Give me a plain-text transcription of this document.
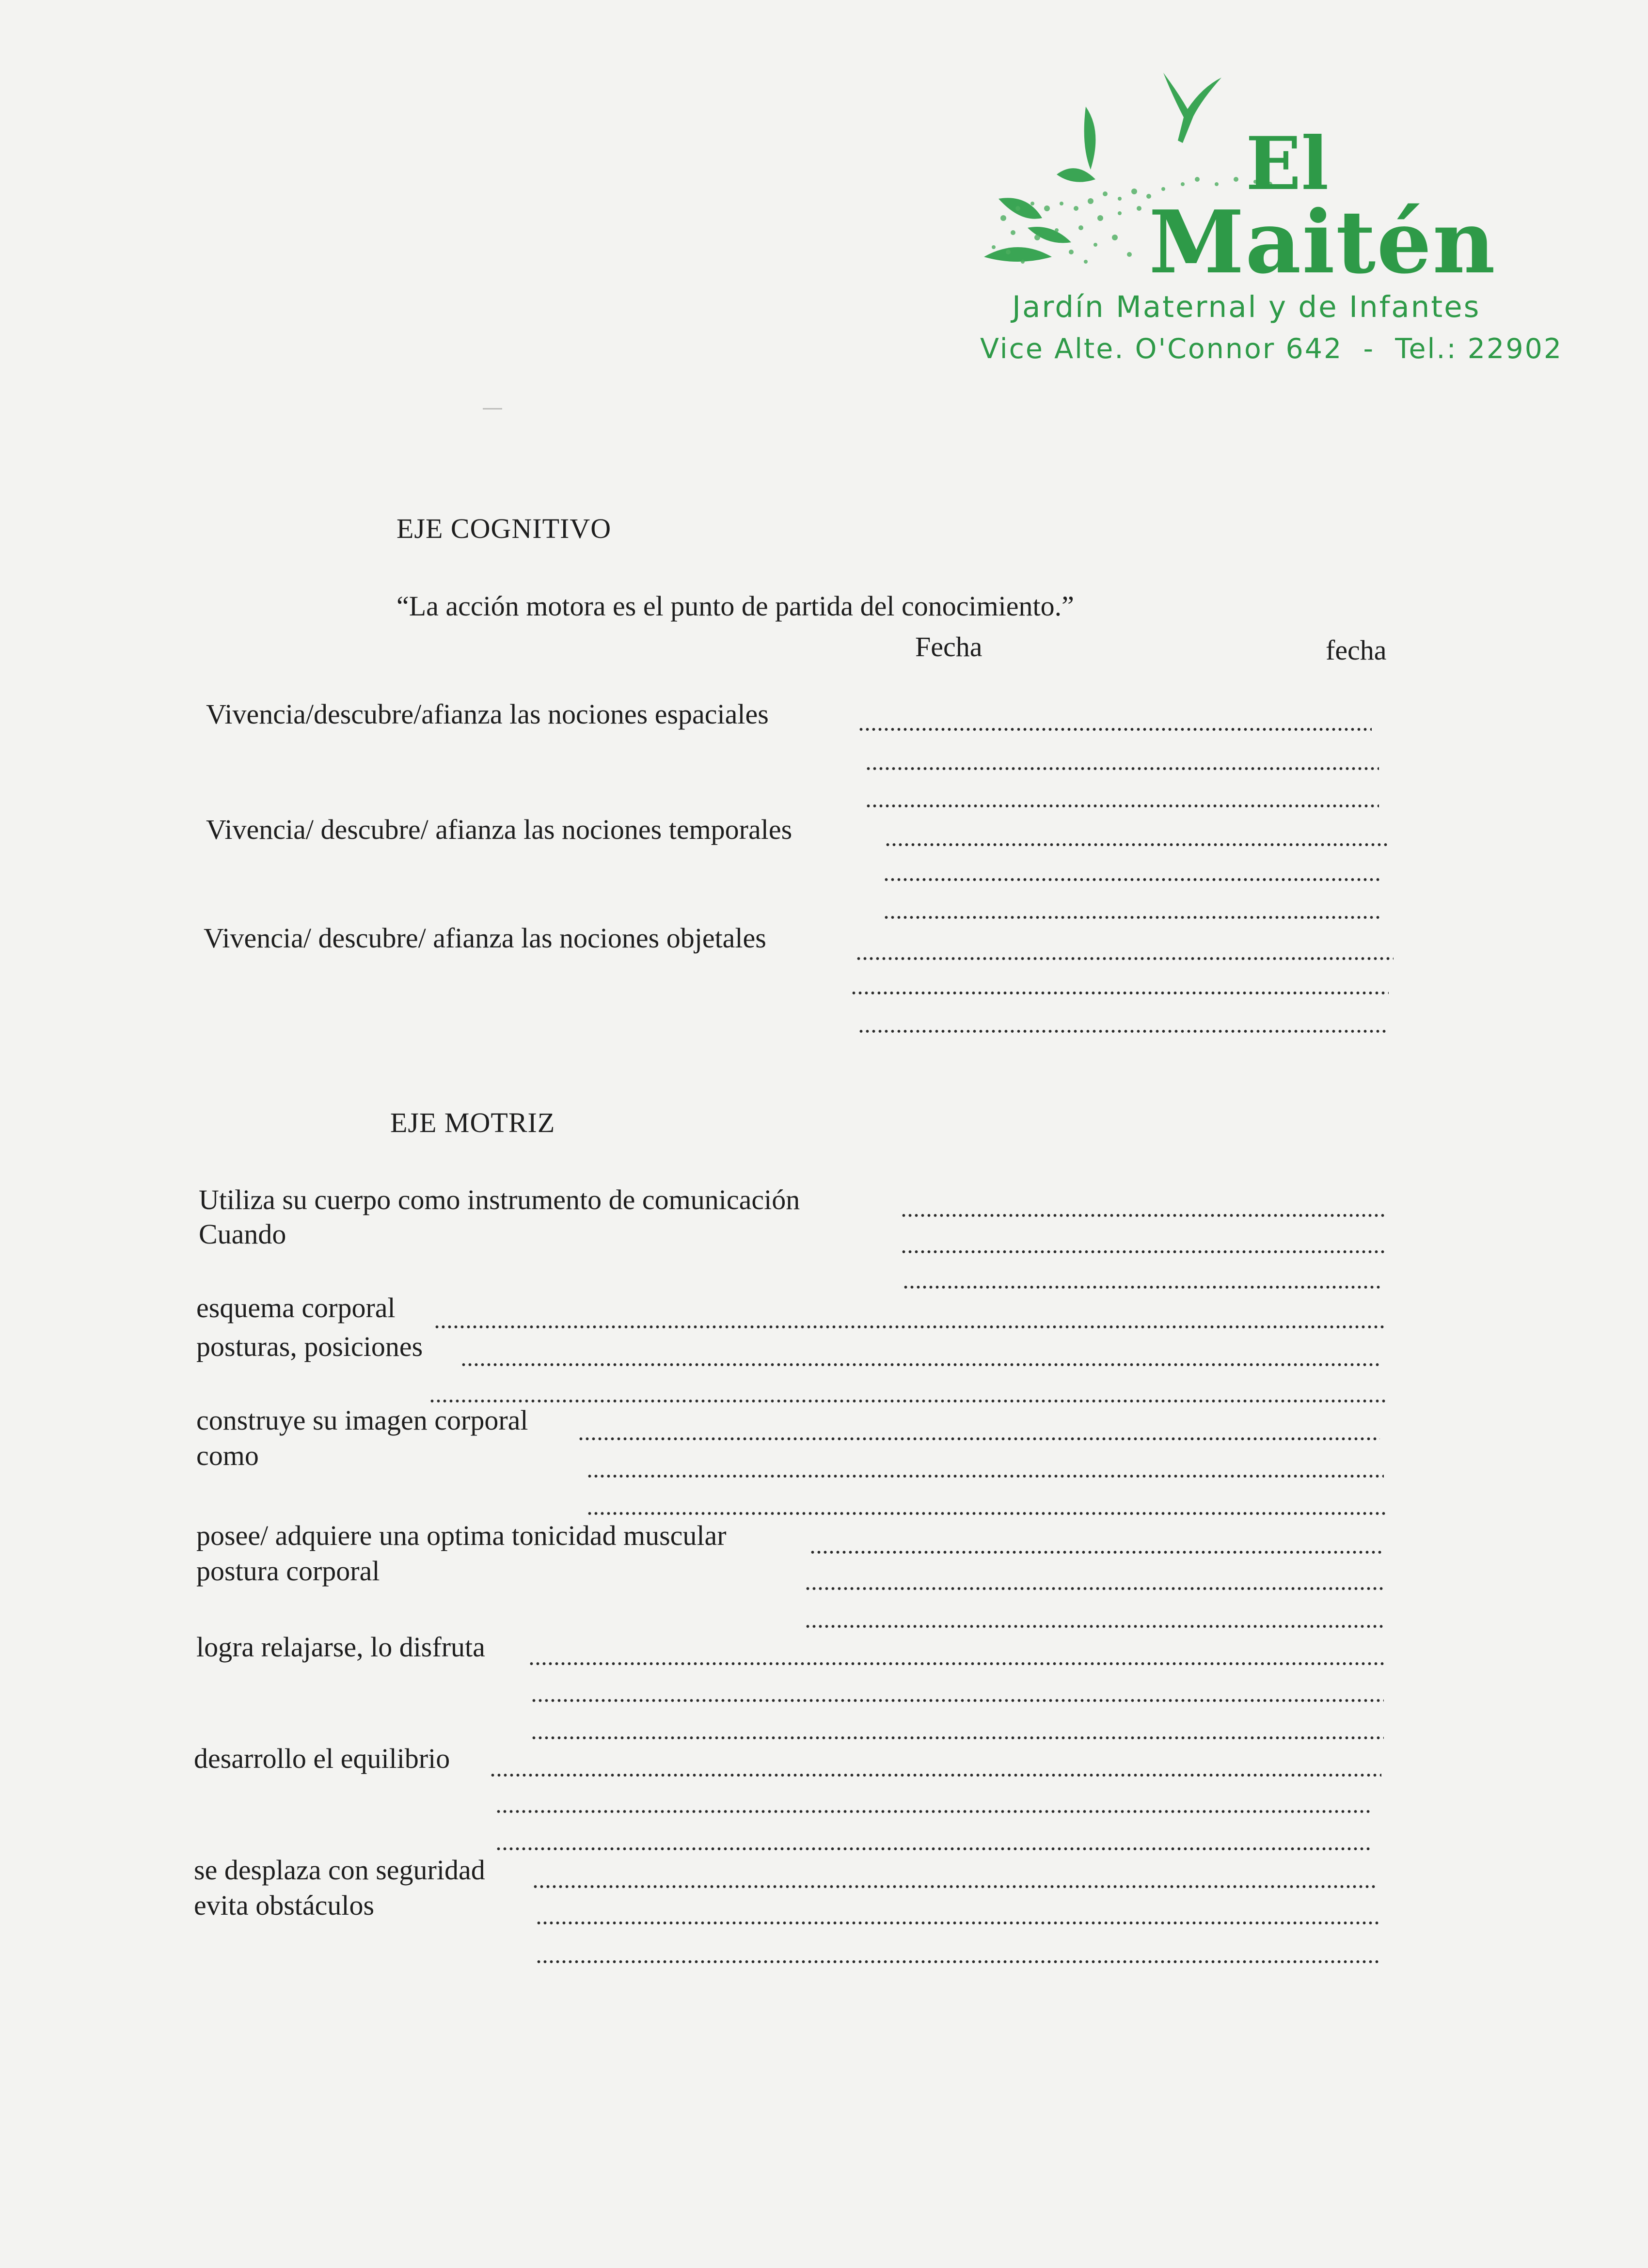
El
Maitén
Jardín Maternal y de Infantes
Vice Alte. O'Connor 642  -  Tel.: 22902
EJE COGNITIVO
“La acción motora es el punto de partida del conocimiento.”
Fecha	fecha
Vivencia/descubre/afianza las nociones espaciales
Vivencia/ descubre/ afianza las nociones temporales
Vivencia/ descubre/ afianza las nociones objetales
EJE MOTRIZ
Utiliza su cuerpo como instrumento de comunicación
Cuando
esquema corporal
posturas, posiciones
construye su imagen corporal
como
posee/ adquiere una optima tonicidad muscular
postura corporal
logra relajarse, lo disfruta
desarrollo el equilibrio
se desplaza con seguridad
evita obstáculos
